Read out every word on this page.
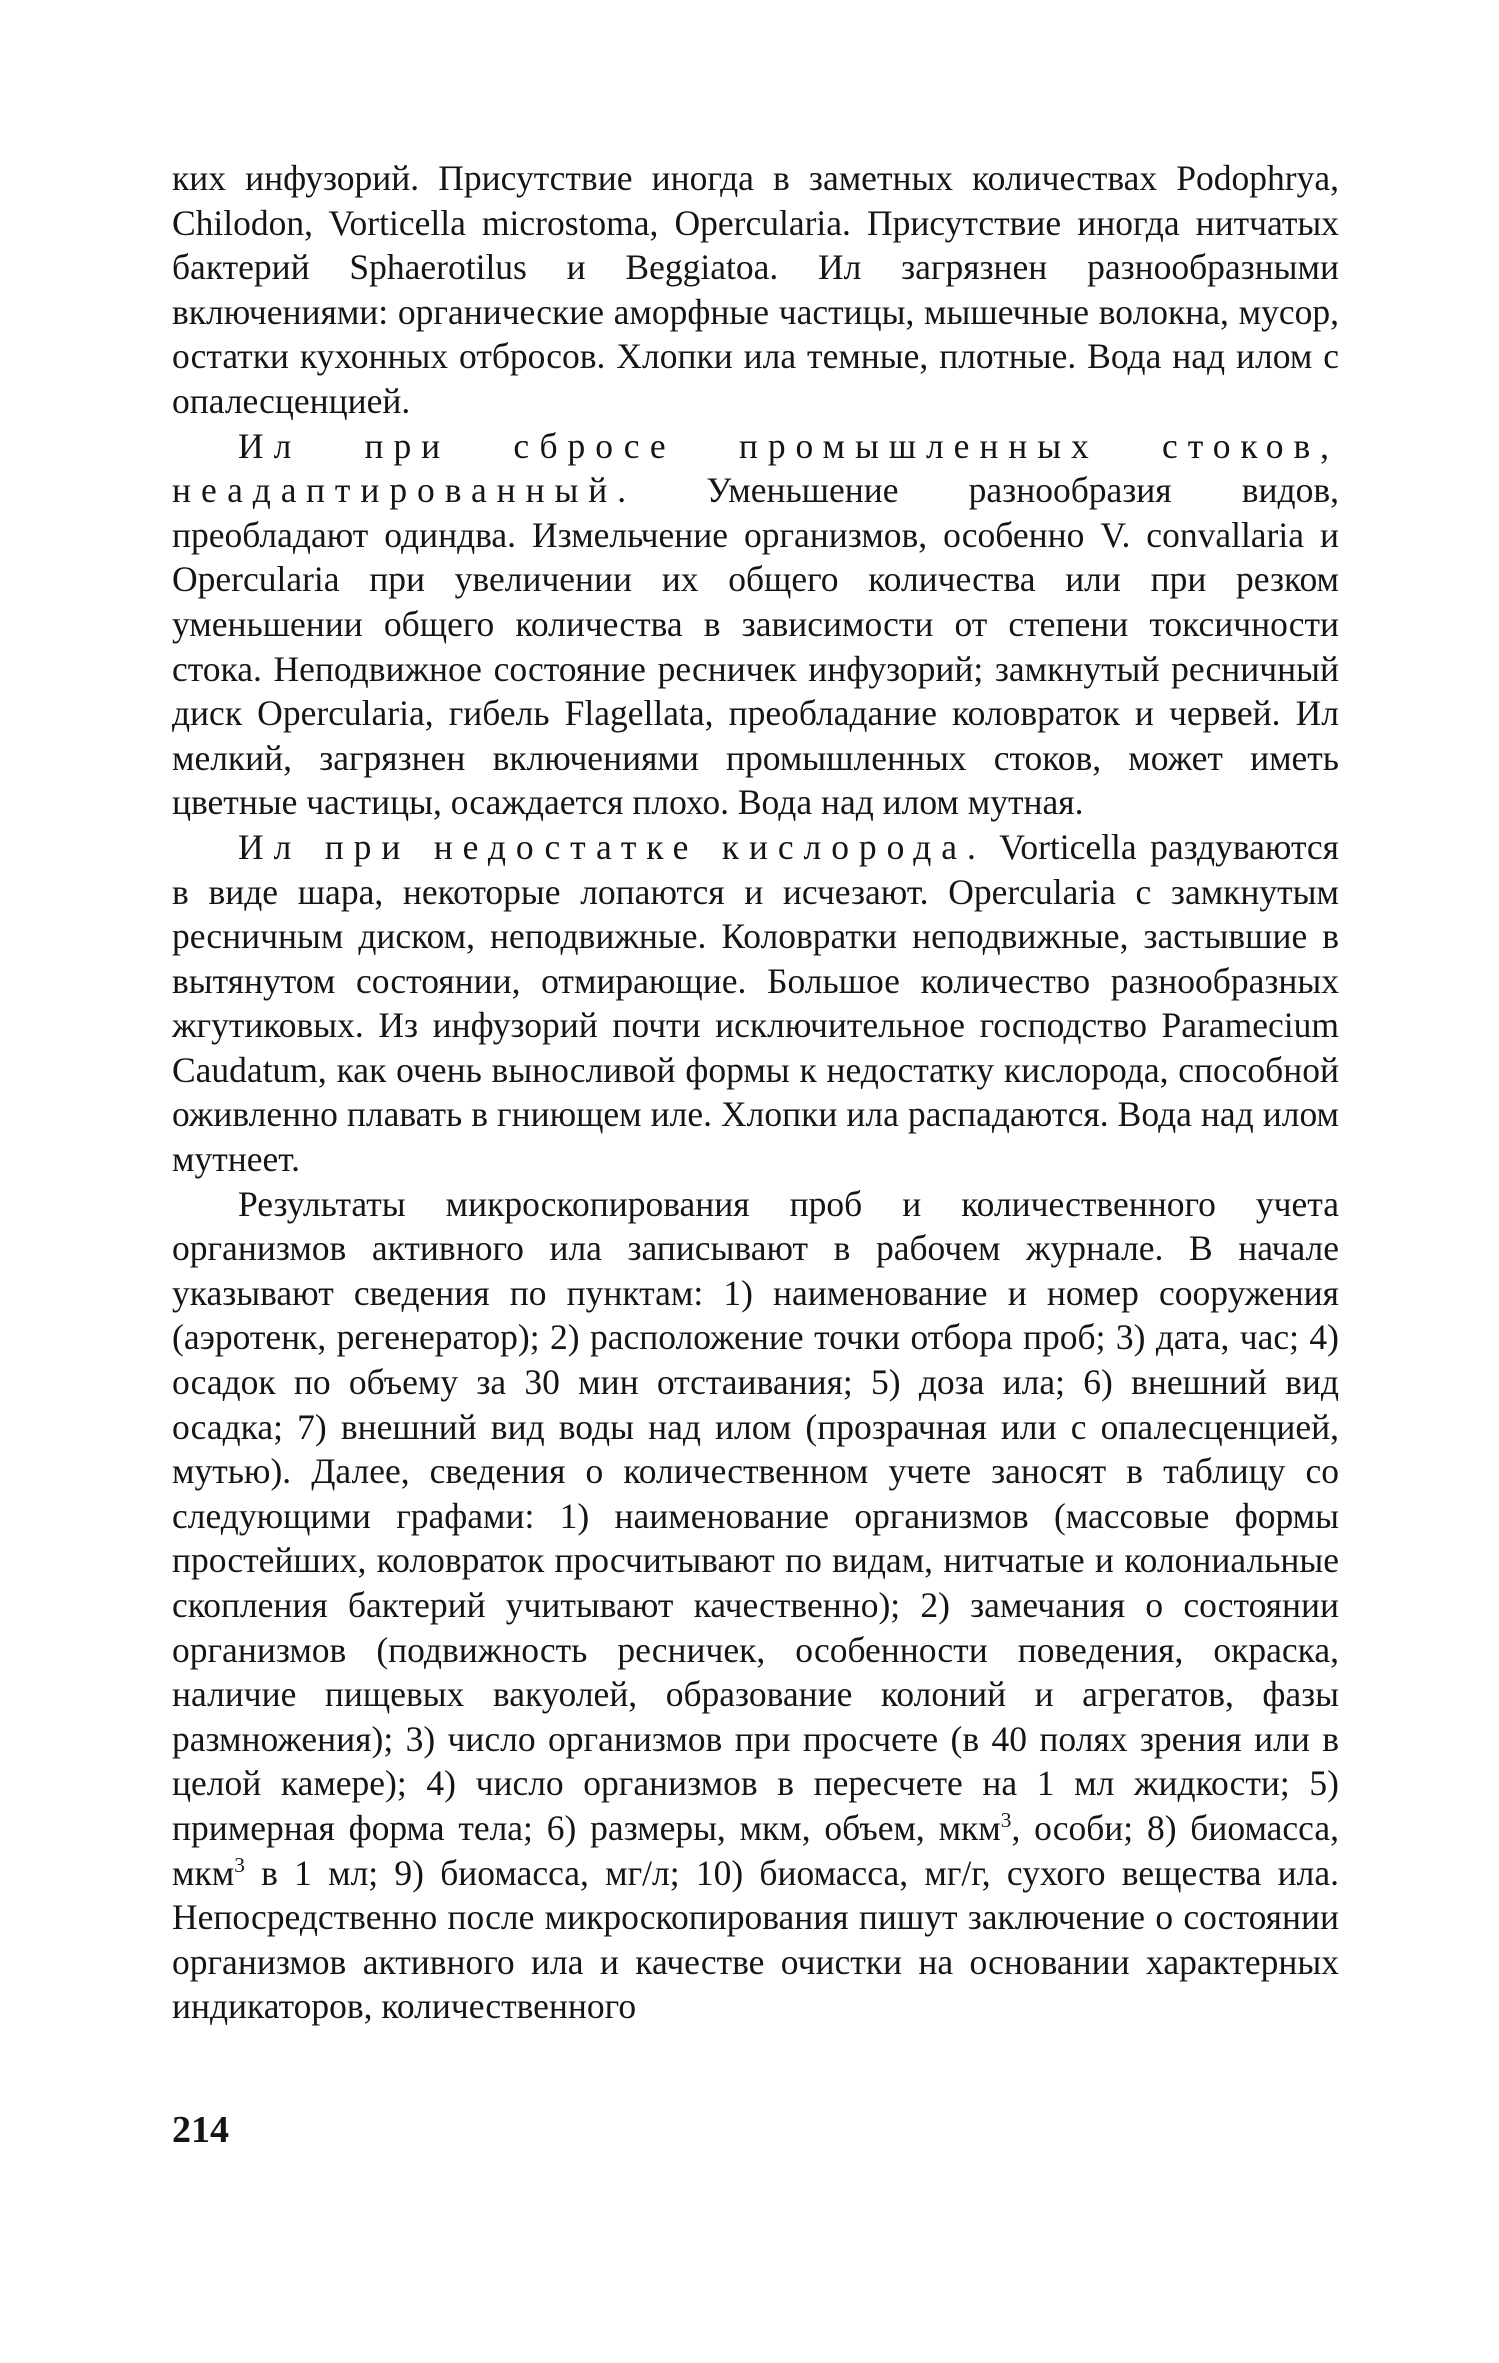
ких инфузорий. Присутствие иногда в заметных количествах Podophrya, Chilodon, Vorticella microstoma, Opercularia. Присутствие иногда нитчатых бактерий Sphaerotilus и Beggiatoa. Ил загрязнен разнообразными включениями: органические аморфные частицы, мышечные волокна, мусор, остатки кухонных отбросов. Хлопки ила темные, плотные. Вода над илом с опалесценцией.

Ил при сбросе промышленных стоков, неадаптированный. Уменьшение разнообразия видов, преобладают одиндва. Измельчение организмов, особенно V. convallaria и Opercularia при увеличении их общего количества или при резком уменьшении общего количества в зависимости от степени токсичности стока. Неподвижное состояние ресничек инфузорий; замкнутый ресничный диск Opercularia, гибель Flagellata, преобладание коловраток и червей. Ил мелкий, загрязнен включениями промышленных стоков, может иметь цветные частицы, осаждается плохо. Вода над илом мутная.

Ил при недостатке кислорода. Vorticella раздуваются в виде шара, некоторые лопаются и исчезают. Opercularia с замкнутым ресничным диском, неподвижные. Коловратки неподвижные, застывшие в вытянутом состоянии, отмирающие. Большое количество разнообразных жгутиковых. Из инфузорий почти исключительное господство Paramecium Caudatum, как очень выносливой формы к недостатку кислорода, способной оживленно плавать в гниющем иле. Хлопки ила распадаются. Вода над илом мутнеет.

Результаты микроскопирования проб и количественного учета организмов активного ила записывают в рабочем журнале. В начале указывают сведения по пунктам: 1) наименование и номер сооружения (аэротенк, регенератор); 2) расположение точки отбора проб; 3) дата, час; 4) осадок по объему за 30 мин отстаивания; 5) доза ила; 6) внешний вид осадка; 7) внешний вид воды над илом (прозрачная или с опалесценцией, мутью). Далее, сведения о количественном учете заносят в таблицу со следующими графами: 1) наименование организмов (массовые формы простейших, коловраток просчитывают по видам, нитчатые и колониальные скопления бактерий учитывают качественно); 2) замечания о состоянии организмов (подвижность ресничек, особенности поведения, окраска, наличие пищевых вакуолей, образование колоний и агрегатов, фазы размножения); 3) число организмов при просчете (в 40 полях зрения или в целой камере); 4) число организмов в пересчете на 1 мл жидкости; 5) примерная форма тела; 6) размеры, мкм, объем, мкм$^3$, особи; 8) биомасса, мкм$^3$ в 1 мл; 9) биомасса, мг/л; 10) биомасса, мг/г, сухого вещества ила. Непосредственно после микроскопирования пишут заключение о состоянии организмов активного ила и качестве очистки на основании характерных индикаторов, количественного

214
